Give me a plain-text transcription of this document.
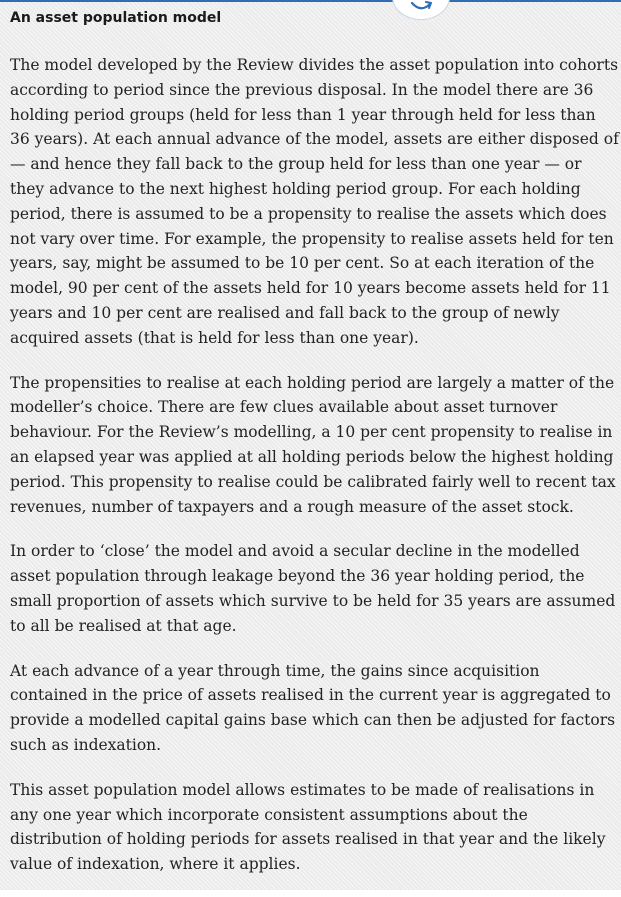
An asset population model

The model developed by the Review divides the asset population into cohorts according to period since the previous disposal. In the model there are 36 holding period groups (held for less than 1 year through held for less than 36 years). At each annual advance of the model, assets are either disposed of — and hence they fall back to the group held for less than one year — or they advance to the next highest holding period group. For each holding period, there is assumed to be a propensity to realise the assets which does not vary over time. For example, the propensity to realise assets held for ten years, say, might be assumed to be 10 per cent. So at each iteration of the model, 90 per cent of the assets held for 10 years become assets held for 11 years and 10 per cent are realised and fall back to the group of newly acquired assets (that is held for less than one year).

The propensities to realise at each holding period are largely a matter of the modeller’s choice. There are few clues available about asset turnover behaviour. For the Review’s modelling, a 10 per cent propensity to realise in an elapsed year was applied at all holding periods below the highest holding period. This propensity to realise could be calibrated fairly well to recent tax revenues, number of taxpayers and a rough measure of the asset stock.

In order to ‘close’ the model and avoid a secular decline in the modelled asset population through leakage beyond the 36 year holding period, the small proportion of assets which survive to be held for 35 years are assumed to all be realised at that age.

At each advance of a year through time, the gains since acquisition contained in the price of assets realised in the current year is aggregated to provide a modelled capital gains base which can then be adjusted for factors such as indexation.

This asset population model allows estimates to be made of realisations in any one year which incorporate consistent assumptions about the distribution of holding periods for assets realised in that year and the likely value of indexation, where it applies.
